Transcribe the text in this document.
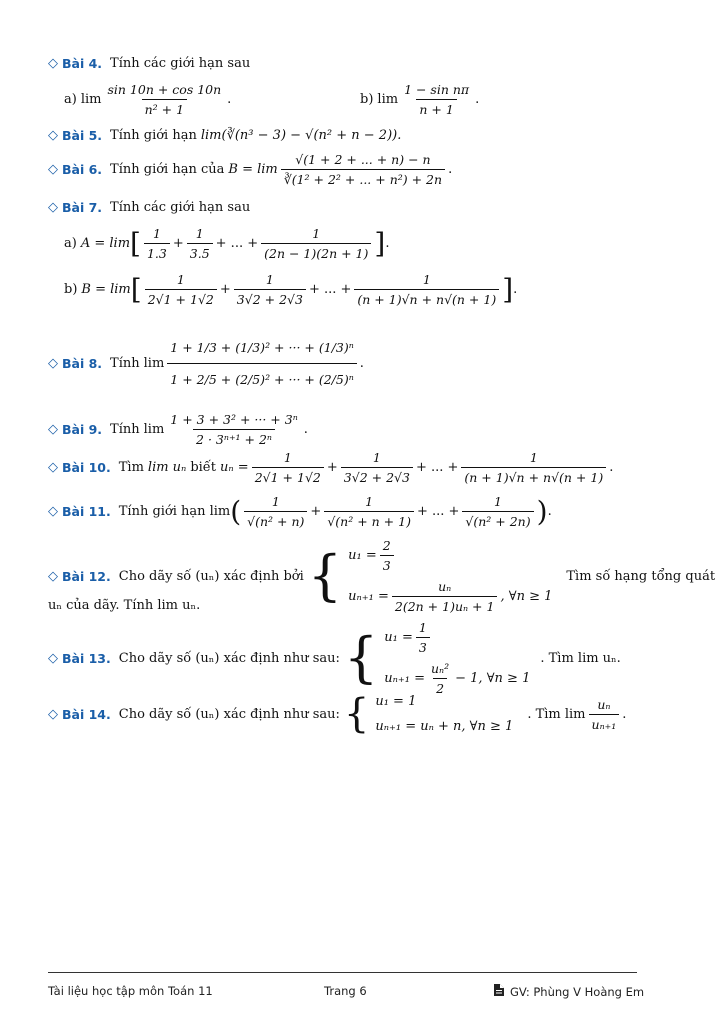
◇ Bài 4. Tính các giới hạn sau
a) $\lim \frac{\sin 10n + \cos 10n}{\text{n² + 1}}$ .	b) $\lim \frac{\text{1 − sin nπ}}{n + 1}$ .
◇ Bài 5. Tính giới hạn lim(∛(n³ − 3) − √(n² + n − 2)).
◇ Bài 6. Tính giới hạn của $B = \lim \frac{√(1 + 2 + ... + n) - n}{\text{∛(1² + 2² + ... + n²) + 2n}}$ .
◇ Bài 7. Tính các giới hạn sau
a) A = lim [ $\frac{1}{1.3} + \frac{1}{3.5}$ + ... + $\frac{1}{(2n - 1)(2n + 1)}$ ] .
b) B = lim [ $\frac{1}{2√1 + 1√2} + \frac{1}{3√2 + 2√3}$ + ... + $\frac{1}{(n + 1)√n + n√(n + 1)}$ ] .
◇ Bài 8. Tính $\lim \frac{\text{1 + 1/3 + (1/3)² + ··· + (1/3)ⁿ}}{\text{1 + 2/5 + (2/5)² + ··· + (2/5)ⁿ}}$ .
◇ Bài 9. Tính $\lim \frac{\text{1 + 3 + 3² + ··· + 3ⁿ}}{\text{2 · 3ⁿ⁺¹ + 2ⁿ}}$ .
◇ Bài 10. Tìm lim uₙ biết $u_n = \frac{1}{2√1 + 1√2} + \frac{1}{3√2 + 2√3}$ + ... + $\frac{1}{(n + 1)√n + n√(n + 1)}$ .
◇ Bài 11. Tính giới hạn lim ( $\frac{1}{\text{√(n² + n)}} + \frac{1}{\text{√(n² + n + 1)}}$ + ... + $\frac{1}{\text{√(n² + 2n)}}$ ) .
◇ Bài 12. Cho dãy số (uₙ) xác định bởi { $u_1 = \frac{2}{3}$
$u_{n+1} = \frac{\text{uₙ}}{\text{2(2n + 1)uₙ + 1}}$ , ∀n ≥ 1
Tìm số hạng tổng quát
uₙ của dãy. Tính lim uₙ.
◇ Bài 13. Cho dãy số (uₙ) xác định như sau: { $u_1 = \frac{1}{3}$
$u_{n+1} = \frac{\text{uₙ²}}{2} - 1$, ∀n ≥ 1
. Tìm lim uₙ.
◇ Bài 14. Cho dãy số (uₙ) xác định như sau: { u₁ = 1
uₙ₊₁ = uₙ + n, ∀n ≥ 1
. Tìm $\lim \frac{\text{uₙ}}{\text{uₙ₊₁}}$ .
Tài liệu học tập môn Toán 11	Trang 6	GV: Phùng V Hoàng Em
